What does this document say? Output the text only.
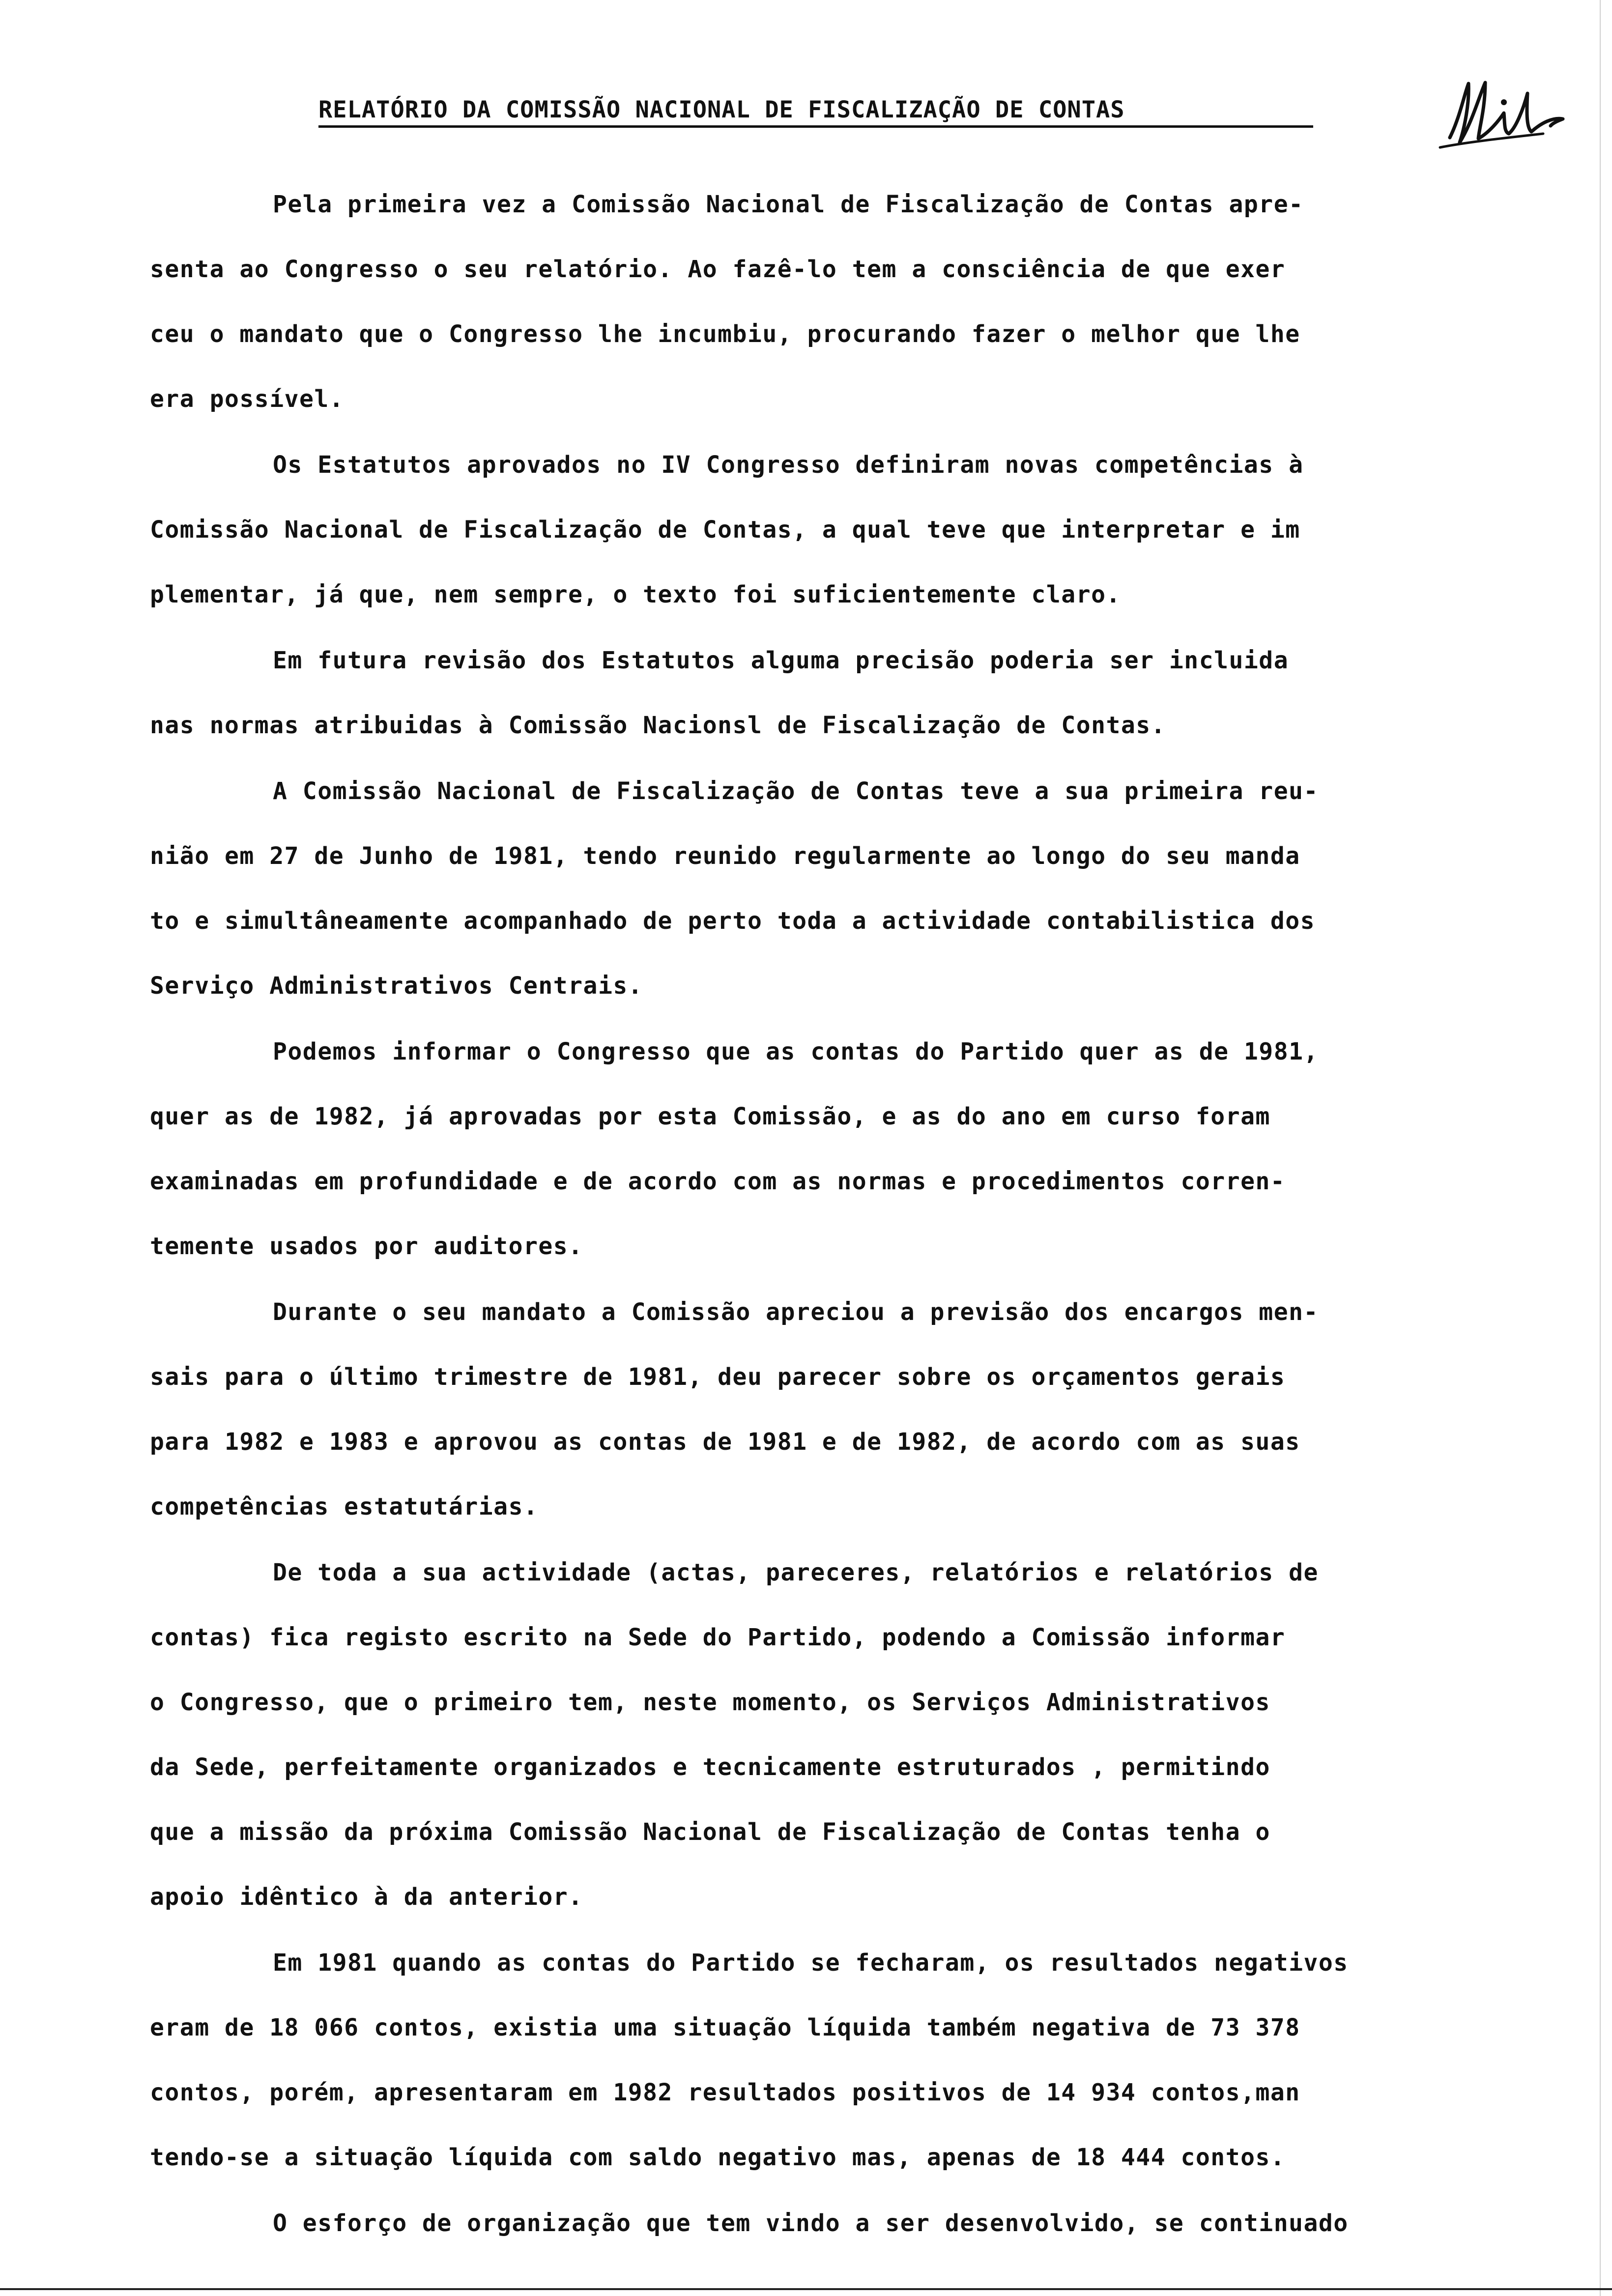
RELATÓRIO DA COMISSÃO NACIONAL DE FISCALIZAÇÃO DE CONTAS
Pela primeira vez a Comissão Nacional de Fiscalização de Contas apre-
senta ao Congresso o seu relatório. Ao fazê-lo tem a consciência de que exer
ceu o mandato que o Congresso lhe incumbiu, procurando fazer o melhor que lhe
era possível.
Os Estatutos aprovados no IV Congresso definiram novas competências à
Comissão Nacional de Fiscalização de Contas, a qual teve que interpretar e im
plementar, já que, nem sempre, o texto foi suficientemente claro.
Em futura revisão dos Estatutos alguma precisão poderia ser incluida
nas normas atribuidas à Comissão Nacionsl de Fiscalização de Contas.
A Comissão Nacional de Fiscalização de Contas teve a sua primeira reu-
nião em 27 de Junho de 1981, tendo reunido regularmente ao longo do seu manda
to e simultâneamente acompanhado de perto toda a actividade contabilistica dos
Serviço Administrativos Centrais.
Podemos informar o Congresso que as contas do Partido quer as de 1981,
quer as de 1982, já aprovadas por esta Comissão, e as do ano em curso foram
examinadas em profundidade e de acordo com as normas e procedimentos corren-
temente usados por auditores.
Durante o seu mandato a Comissão apreciou a previsão dos encargos men-
sais para o último trimestre de 1981, deu parecer sobre os orçamentos gerais
para 1982 e 1983 e aprovou as contas de 1981 e de 1982, de acordo com as suas
competências estatutárias.
De toda a sua actividade (actas, pareceres, relatórios e relatórios de
contas) fica registo escrito na Sede do Partido, podendo a Comissão informar
o Congresso, que o primeiro tem, neste momento, os Serviços Administrativos
da Sede, perfeitamente organizados e tecnicamente estruturados , permitindo
que a missão da próxima Comissão Nacional de Fiscalização de Contas tenha o
apoio idêntico à da anterior.
Em 1981 quando as contas do Partido se fecharam, os resultados negativos
eram de 18 066 contos, existia uma situação líquida também negativa de 73 378
contos, porém, apresentaram em 1982 resultados positivos de 14 934 contos,man
tendo-se a situação líquida com saldo negativo mas, apenas de 18 444 contos.
O esforço de organização que tem vindo a ser desenvolvido, se continuado
